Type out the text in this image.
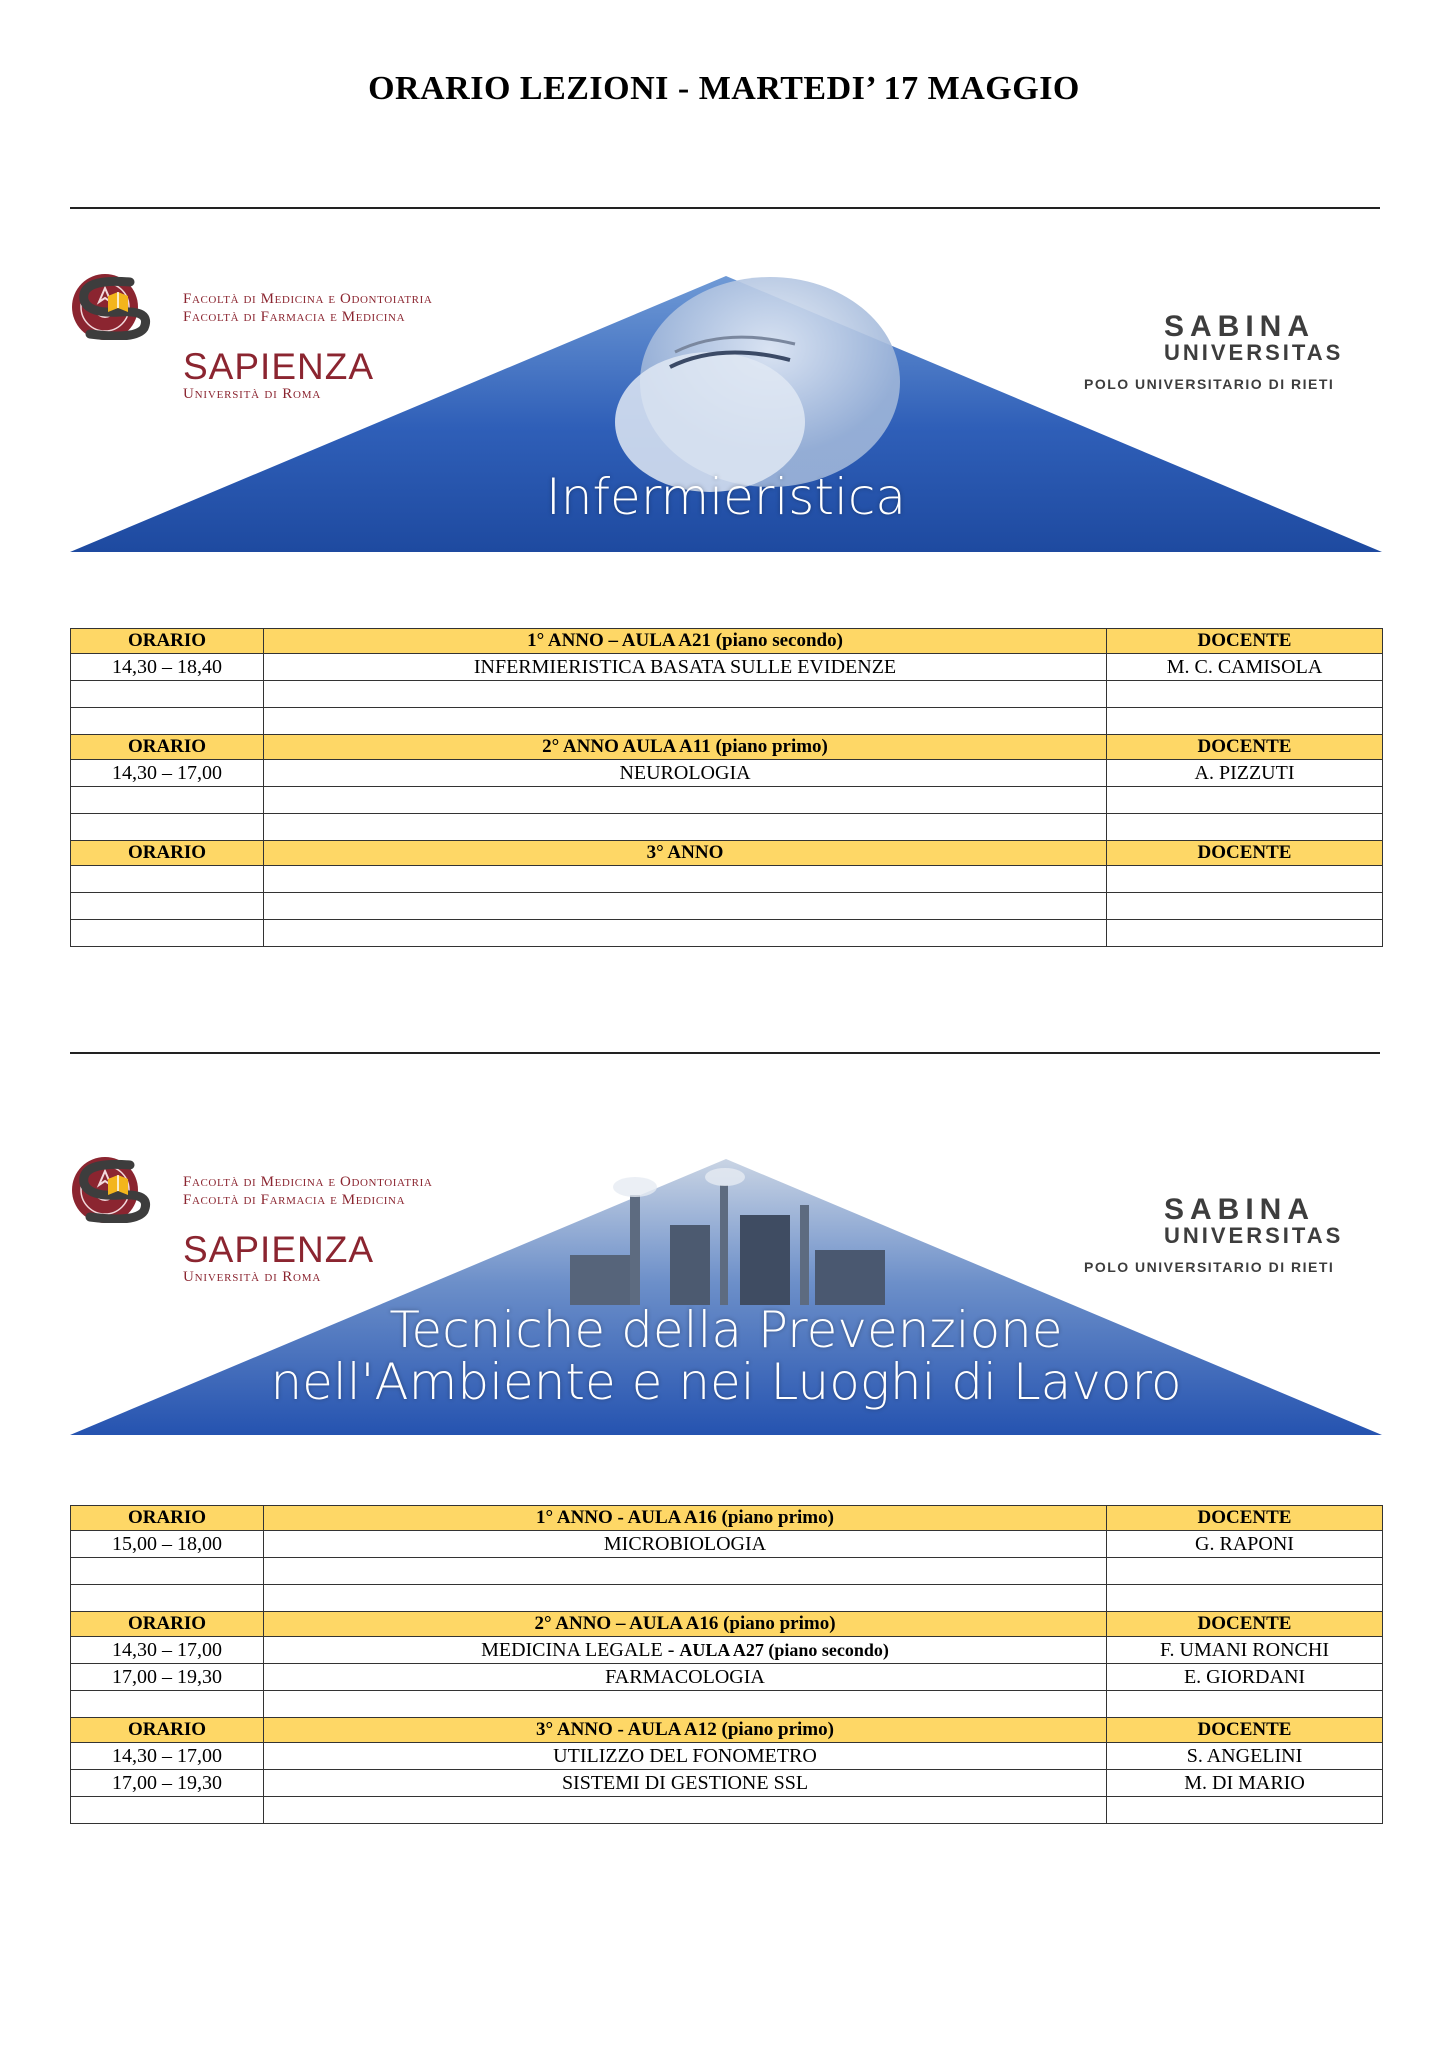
ORARIO LEZIONI - MARTEDI’ 17 MAGGIO
Facoltà di Medicina e Odontoiatria
Facoltà di Farmacia e Medicina
SAPIENZA
Università di Roma
SABINA
UNIVERSITAS
POLO UNIVERSITARIO DI RIETI
Infermieristica
ORARIO	1° ANNO – AULA A21 (piano secondo)	DOCENTE
14,30 – 18,40	INFERMIERISTICA BASATA SULLE EVIDENZE	M. C. CAMISOLA

ORARIO	2° ANNO AULA A11 (piano primo)	DOCENTE
14,30 – 17,00	NEUROLOGIA	A. PIZZUTI

ORARIO	3° ANNO	DOCENTE

Facoltà di Medicina e Odontoiatria
Facoltà di Farmacia e Medicina
SAPIENZA
Università di Roma
SABINA
UNIVERSITAS
POLO UNIVERSITARIO DI RIETI
Tecniche della Prevenzione
nell'Ambiente e nei Luoghi di Lavoro
ORARIO	1° ANNO - AULA A16 (piano primo)	DOCENTE
15,00 – 18,00	MICROBIOLOGIA	G. RAPONI

ORARIO	2° ANNO – AULA A16 (piano primo)	DOCENTE
14,30 – 17,00	MEDICINA LEGALE - AULA A27 (piano secondo)	F. UMANI RONCHI
17,00 – 19,30	FARMACOLOGIA	E. GIORDANI

ORARIO	3° ANNO - AULA A12 (piano primo)	DOCENTE
14,30 – 17,00	UTILIZZO DEL FONOMETRO	S. ANGELINI
17,00 – 19,30	SISTEMI DI GESTIONE SSL	M. DI MARIO
